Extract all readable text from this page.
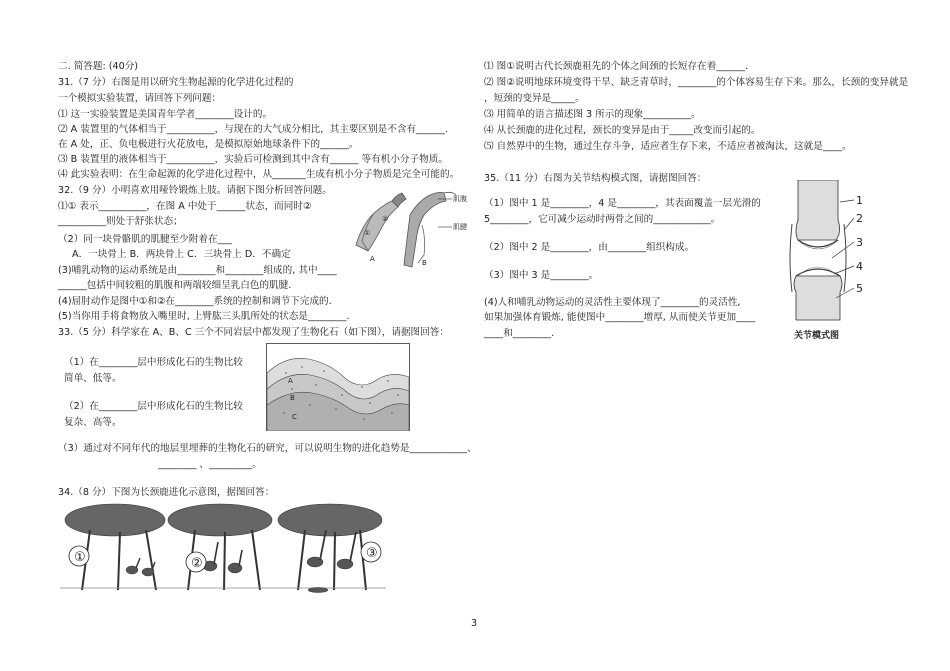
二. 简答题: (40分)
31.（7 分）右图是用以研究生物起源的化学进化过程的
一个模拟实验装置，请回答下列问题：
⑴ 这一实验装置是美国青年学者________设计的。
⑵ A 装置里的气体相当于__________，与现在的大气成分相比，其主要区别是不含有______.
在 A 处，正、负电极进行火花放电，是模拟原始地球条件下的______。
⑶ B 装置里的液体相当于__________，实验后可检测到其中含有______ 等有机小分子物质。
⑷ 此实验表明：在生命起源的化学进化过程中，从_______生成有机小分子物质是完全可能的。
32.（9 分）小明喜欢用哑铃锻炼上肢。请据下图分析回答问题。
⑴① 表示__________，在图 A 中处于______状态，而同时②
__________则处于舒张状态；
（2）同一块骨骼肌的肌腱至少附着在___
A．一块骨上 B．两块骨上 C．三块骨上 D．不确定
(3)哺乳动物的运动系统是由________和________组成的, 其中____
______包括中间较粗的肌腹和两端较细呈乳白色的肌腱.
(4)屈肘动作是图中①和②在________系统的控制和调节下完成的.
(5)当你用手将食物放入嘴里时, 上臂肱三头肌所处的状态是________.
①
②
A	B
肌腹
肌腱
33.（5 分）科学家在 A、B、C 三个不同岩层中都发现了生物化石（如下图），请据图回答：
（1）在________层中形成化石的生物比较
简单、低等。
（2）在________层中形成化石的生物比较
复杂、高等。
（3）通过对不同年代的地层里埋葬的生物化石的研究，可以说明生物的进化趋势是____________、
________ 、_________。
A
B
C
34.（8 分）下图为长颈鹿进化示意图，据图回答：
①	②
③
⑴ 图①说明古代长颈鹿祖先的个体之间颈的长短存在着______.
⑵ 图②说明地球环境变得干旱、缺乏青草时，________的个体容易生存下来。那么，长颈的变异就是
，短颈的变异是_____。
⑶ 用简单的语言描述图 3 所示的现象__________。
⑷ 从长颈鹿的进化过程，颈长的变异是由于_____改变而引起的。
⑸ 自然界中的生物，通过生存斗争，适应者生存下来，不适应者被淘汰，这就是____。
35.（11 分）右图为关节结构模式图，请据图回答：
（1）图中 1 是________，4 是________，其表面覆盖一层光滑的
5________，它可减少运动时两骨之间的____________。
（2）图中 2 是________，由________组织构成。
（3）图中 3 是________。
(4)人和哺乳动物运动的灵活性主要体现了________的灵活性,
如果加强体育锻炼, 能使图中________增厚, 从而使关节更加____
____和________.
1
2
3
4
5
关节模式图
3
